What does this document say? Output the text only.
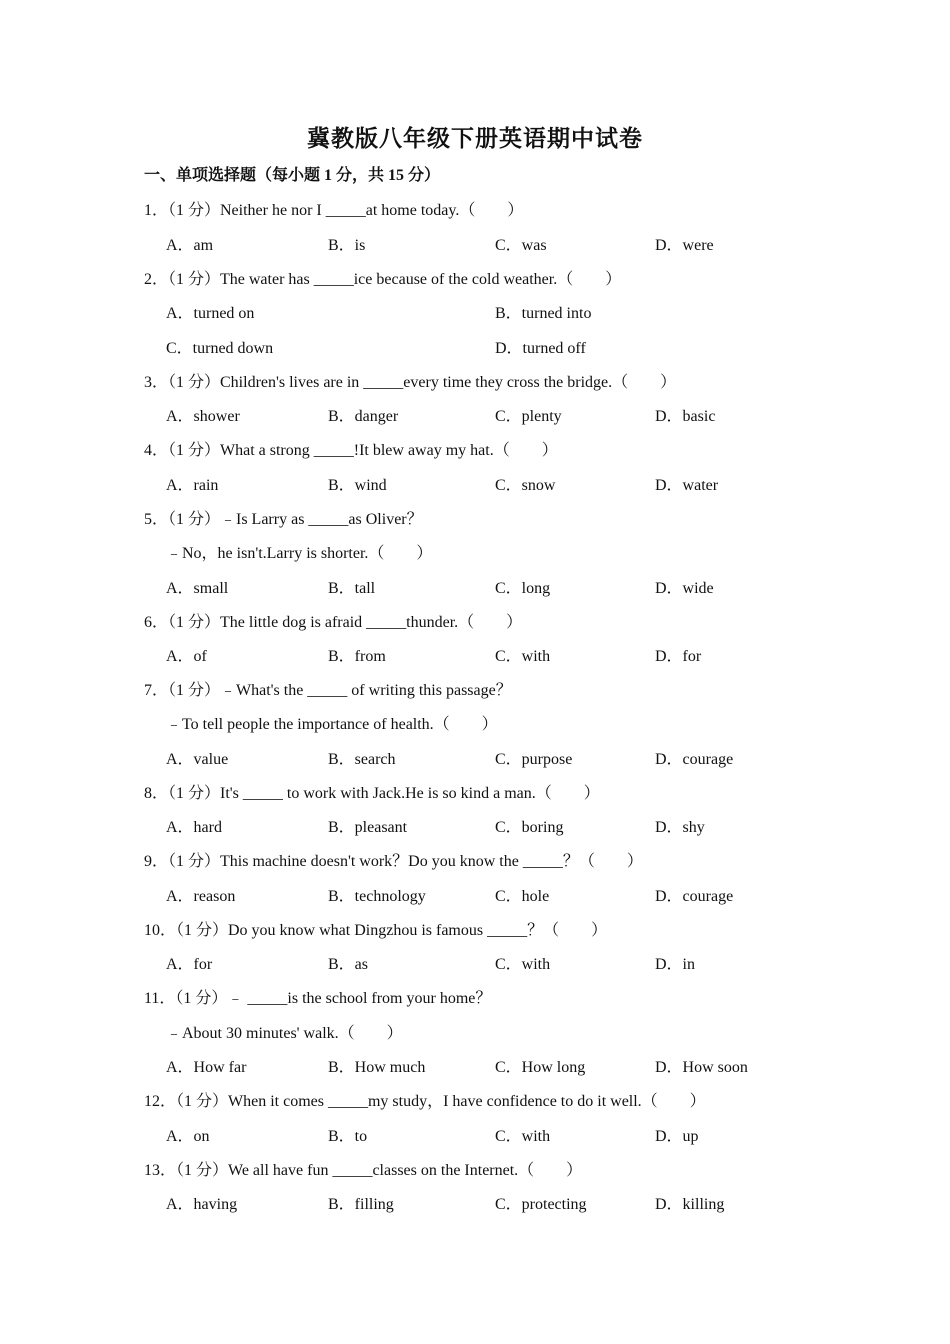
冀教版八年级下册英语期中试卷
一、单项选择题（每小题 1 分，共 15 分）
1．（1 分）Neither he nor I _____at home today.（　　）
A．am	B．is	C．was	D．were
2．（1 分）The water has _____ice because of the cold weather.（　　）
A．turned on	B．turned into
C．turned down	D．turned off
3．（1 分）Children's lives are in _____every time they cross the bridge.（　　）
A．shower	B．danger	C．plenty	D．basic
4．（1 分）What a strong _____!It blew away my hat.（　　）
A．rain	B．wind	C．snow	D．water
5．（1 分）﹣Is Larry as _____as Oliver？
﹣No，he isn't.Larry is shorter.（　　）
A．small	B．tall	C．long	D．wide
6．（1 分）The little dog is afraid _____thunder.（　　）
A．of	B．from	C．with	D．for
7．（1 分）﹣What's the _____ of writing this passage？
﹣To tell people the importance of health.（　　）
A．value	B．search	C．purpose	D．courage
8．（1 分）It's _____ to work with Jack.He is so kind a man.（　　）
A．hard	B．pleasant	C．boring	D．shy
9．（1 分）This machine doesn't work？Do you know the _____？（　　）
A．reason	B．technology	C．hole	D．courage
10．（1 分）Do you know what Dingzhou is famous _____？（　　）
A．for	B．as	C．with	D．in
11．（1 分）﹣ _____is the school from your home？
﹣About 30 minutes' walk.（　　）
A．How far	B．How much	C．How long	D．How soon
12．（1 分）When it comes _____my study，I have confidence to do it well.（　　）
A．on	B．to	C．with	D．up
13．（1 分）We all have fun _____classes on the Internet.（　　）
A．having	B．filling	C．protecting	D．killing
